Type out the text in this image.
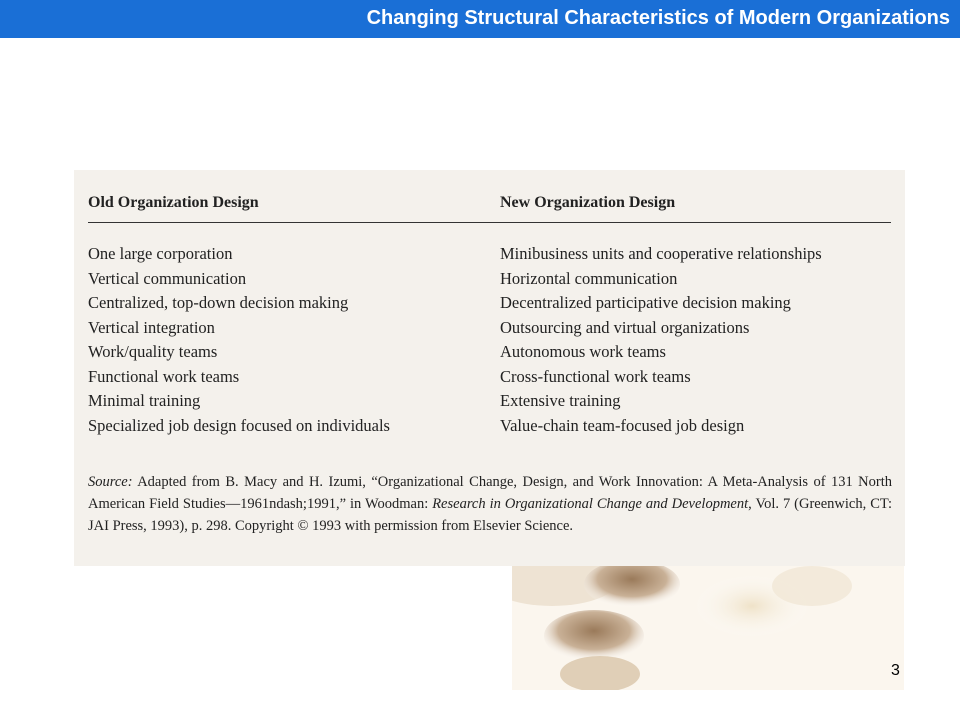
Changing Structural Characteristics of Modern Organizations
Old Organization Design	New Organization Design
One large corporation
Vertical communication
Centralized, top-down decision making
Vertical integration
Work/quality teams
Functional work teams
Minimal training
Specialized job design focused on individuals
Minibusiness units and cooperative relationships
Horizontal communication
Decentralized participative decision making
Outsourcing and virtual organizations
Autonomous work teams
Cross-functional work teams
Extensive training
Value-chain team-focused job design

Source: Adapted from B. Macy and H. Izumi, “Organizational Change, Design, and Work Innovation: A Meta-Analysis of 131 North American Field Studies—1961ndash;1991,” in Woodman: Research in Organizational Change and Development, Vol. 7 (Greenwich, CT: JAI Press, 1993), p. 298. Copyright © 1993 with permission from Elsevier Science.

3
